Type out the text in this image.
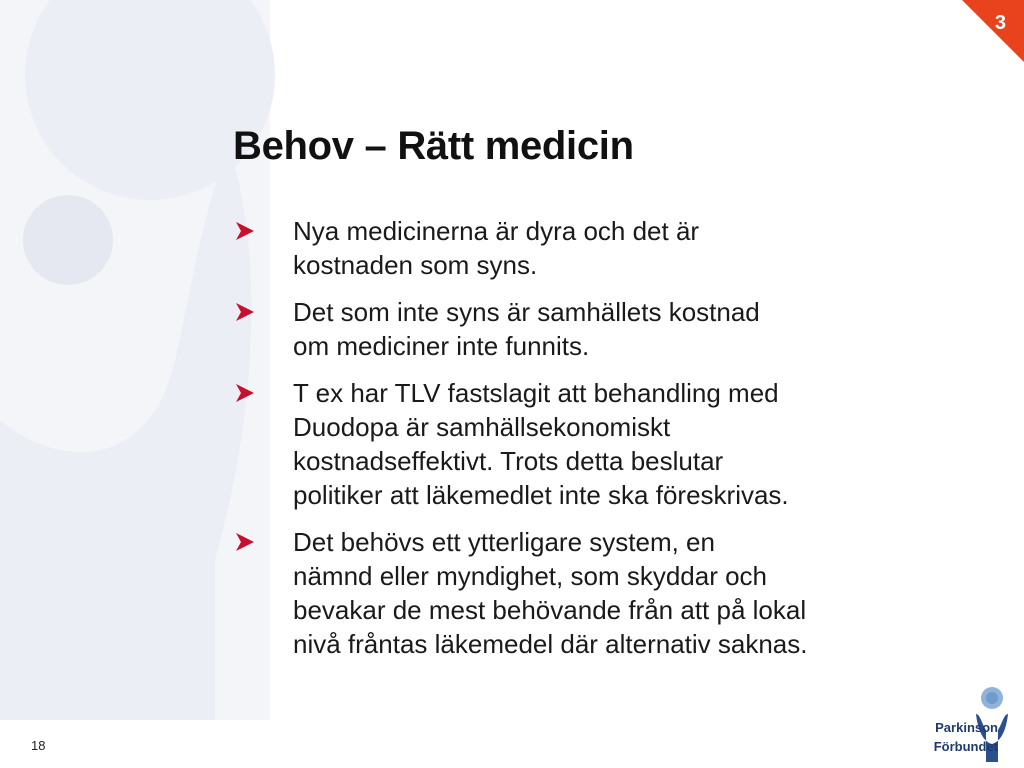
3
Behov – Rätt medicin
Nya medicinerna är dyra och det är
kostnaden som syns.
Det som inte syns är samhällets kostnad
om mediciner inte funnits.
T ex har TLV fastslagit att behandling med
Duodopa är samhällsekonomiskt
kostnadseffektivt. Trots detta beslutar
politiker att läkemedlet inte ska föreskrivas.
Det behövs ett ytterligare system, en
nämnd eller myndighet, som skyddar och
bevakar de mest behövande från att på lokal
nivå fråntas läkemedel där alternativ saknas.
18
Parkinson
Förbundet
